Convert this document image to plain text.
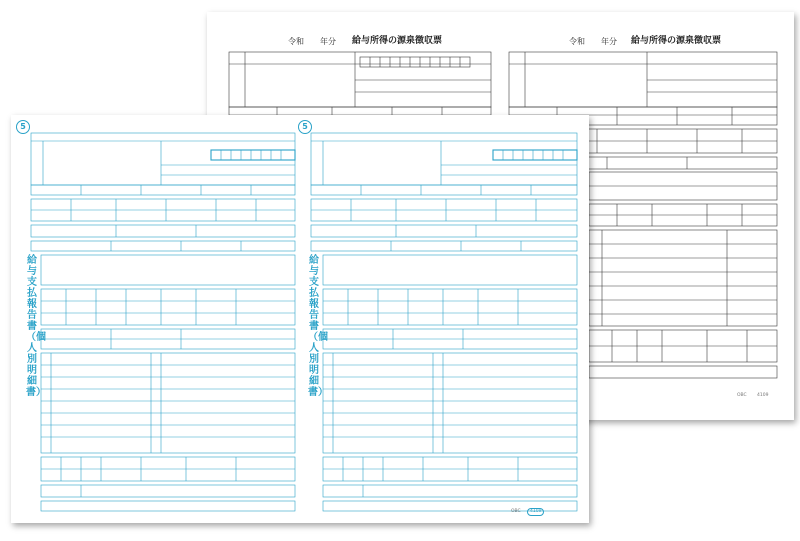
令和　　年分 給与所得の源泉徴収票	令和　　年分 給与所得の源泉徴収票
OBC 4109
5	5
給与支払報告書（個人別明細書）
給与支払報告書（個人別明細書）
OBC	4109
